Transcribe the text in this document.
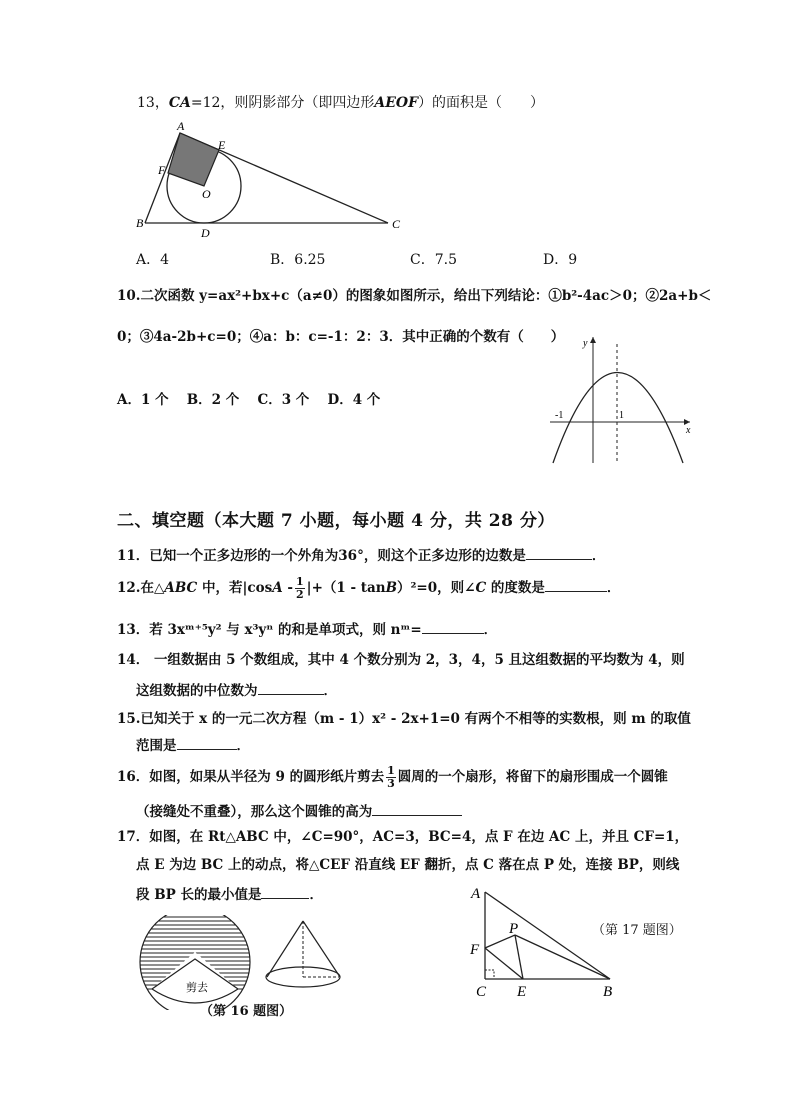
13，CA=12，则阴影部分（即四边形AEOF）的面积是（　　）
A
E
F
O
B
D
C
A．4	B．6.25	C．7.5	D．9
10.二次函数 y=ax²+bx+c（a≠0）的图象如图所示，给出下列结论：①b²-4ac＞0；②2a+b＜
0；③4a-2b+c=0；④a：b：c=-1：2：3．其中正确的个数有（　　）
A．1 个　 B．2 个　 C．3 个　 D．4 个
y
x
-1	1
二、填空题（本大题 7 小题，每小题 4 分，共 28 分）
11．已知一个正多边形的一个外角为36°，则这个正多边形的边数是	．
12.在△ABC 中，若$|\cos A - \frac{1}{2} |+(1 - \tan B)^2=0$，则∠C 的度数是	．
13．若 3xᵐ⁺⁵y² 与 x³yⁿ 的和是单项式，则 nᵐ=	．
14． 一组数据由 5 个数组成，其中 4 个数分别为 2，3，4，5 且这组数据的平均数为 4，则
这组数据的中位数为	．
15.已知关于 x 的一元二次方程（m - 1）x² - 2x+1=0 有两个不相等的实数根，则 m 的取值
范围是	．
16．如图，如果从半径为 9 的圆形纸片剪去 $\frac{1}{3}$ 圆周的一个扇形，将留下的扇形围成一个圆锥
（接缝处不重叠），那么这个圆锥的高为
17．如图，在 Rt△ABC 中，∠C=90°，AC=3，BC=4，点 F 在边 AC 上，并且 CF=1，
点 E 为边 BC 上的动点，将△CEF 沿直线 EF 翻折，点 C 落在点 P 处，连接 BP，则线
段 BP 长的最小值是	．
剪去
（第 16 题图）
A
P
F
C E	B
（第 17 题图）
